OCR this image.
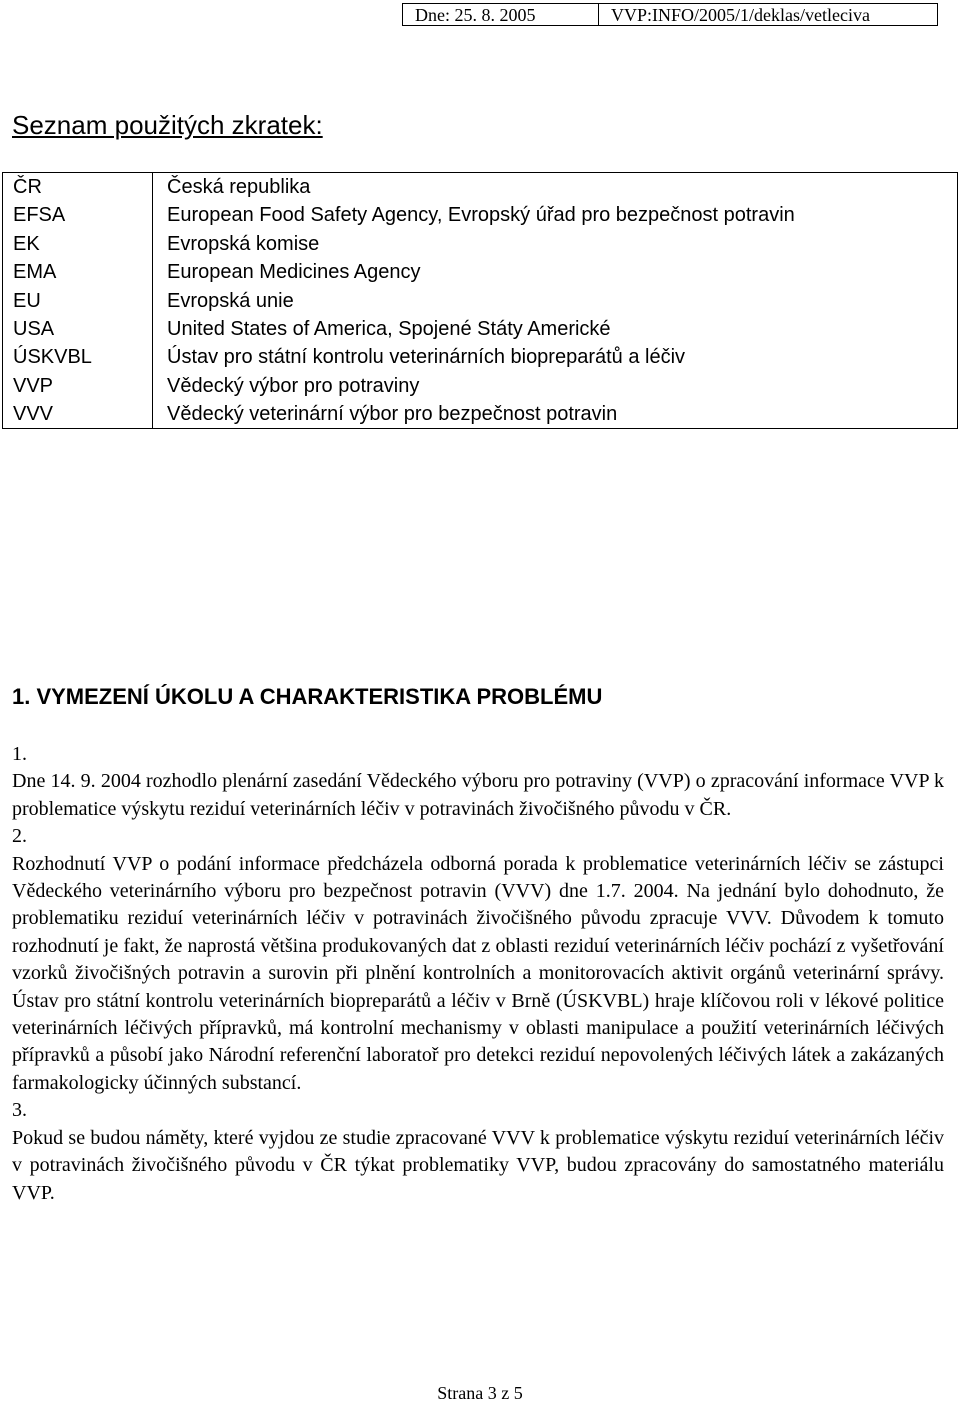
Dne: 25. 8. 2005	VVP:INFO/2005/1/deklas/vetleciva
Seznam použitých zkratek:
ČR	Česká republika
EFSA	European Food Safety Agency, Evropský úřad pro bezpečnost potravin
EK	Evropská komise
EMA	European Medicines Agency
EU	Evropská unie
USA	United States of America, Spojené Státy Americké
ÚSKVBL	Ústav pro státní kontrolu veterinárních biopreparátů a léčiv
VVP	Vědecký výbor pro potraviny
VVV	Vědecký veterinární výbor pro bezpečnost potravin
1. VYMEZENÍ ÚKOLU A CHARAKTERISTIKA PROBLÉMU

1.

Dne 14. 9. 2004 rozhodlo plenární zasedání Vědeckého výboru pro potraviny (VVP) o zpracování informace VVP k problematice výskytu reziduí veterinárních léčiv v potravinách živočišného původu v ČR.

2.

Rozhodnutí VVP o podání informace předcházela odborná porada k problematice veterinárních léčiv se zástupci Vědeckého veterinárního výboru pro bezpečnost potravin (VVV) dne 1.7. 2004. Na jednání bylo dohodnuto, že problematiku reziduí veterinárních léčiv v potravinách živočišného původu zpracuje VVV. Důvodem k tomuto rozhodnutí je fakt, že naprostá většina produkovaných dat z oblasti reziduí veterinárních léčiv pochází z vyšetřování vzorků živočišných potravin a surovin při plnění kontrolních a monitorovacích aktivit orgánů veterinární správy. Ústav pro státní kontrolu veterinárních biopreparátů a léčiv v Brně (ÚSKVBL) hraje klíčovou roli v lékové politice veterinárních léčivých přípravků, má kontrolní mechanismy v oblasti manipulace a použití veterinárních léčivých přípravků a působí jako Národní referenční laboratoř pro detekci reziduí nepovolených léčivých látek a zakázaných farmakologicky účinných substancí.

3.

Pokud se budou náměty, které vyjdou ze studie zpracované VVV k problematice výskytu reziduí veterinárních léčiv v potravinách živočišného původu v ČR týkat problematiky VVP, budou zpracovány do samostatného materiálu VVP.

Strana 3 z 5
